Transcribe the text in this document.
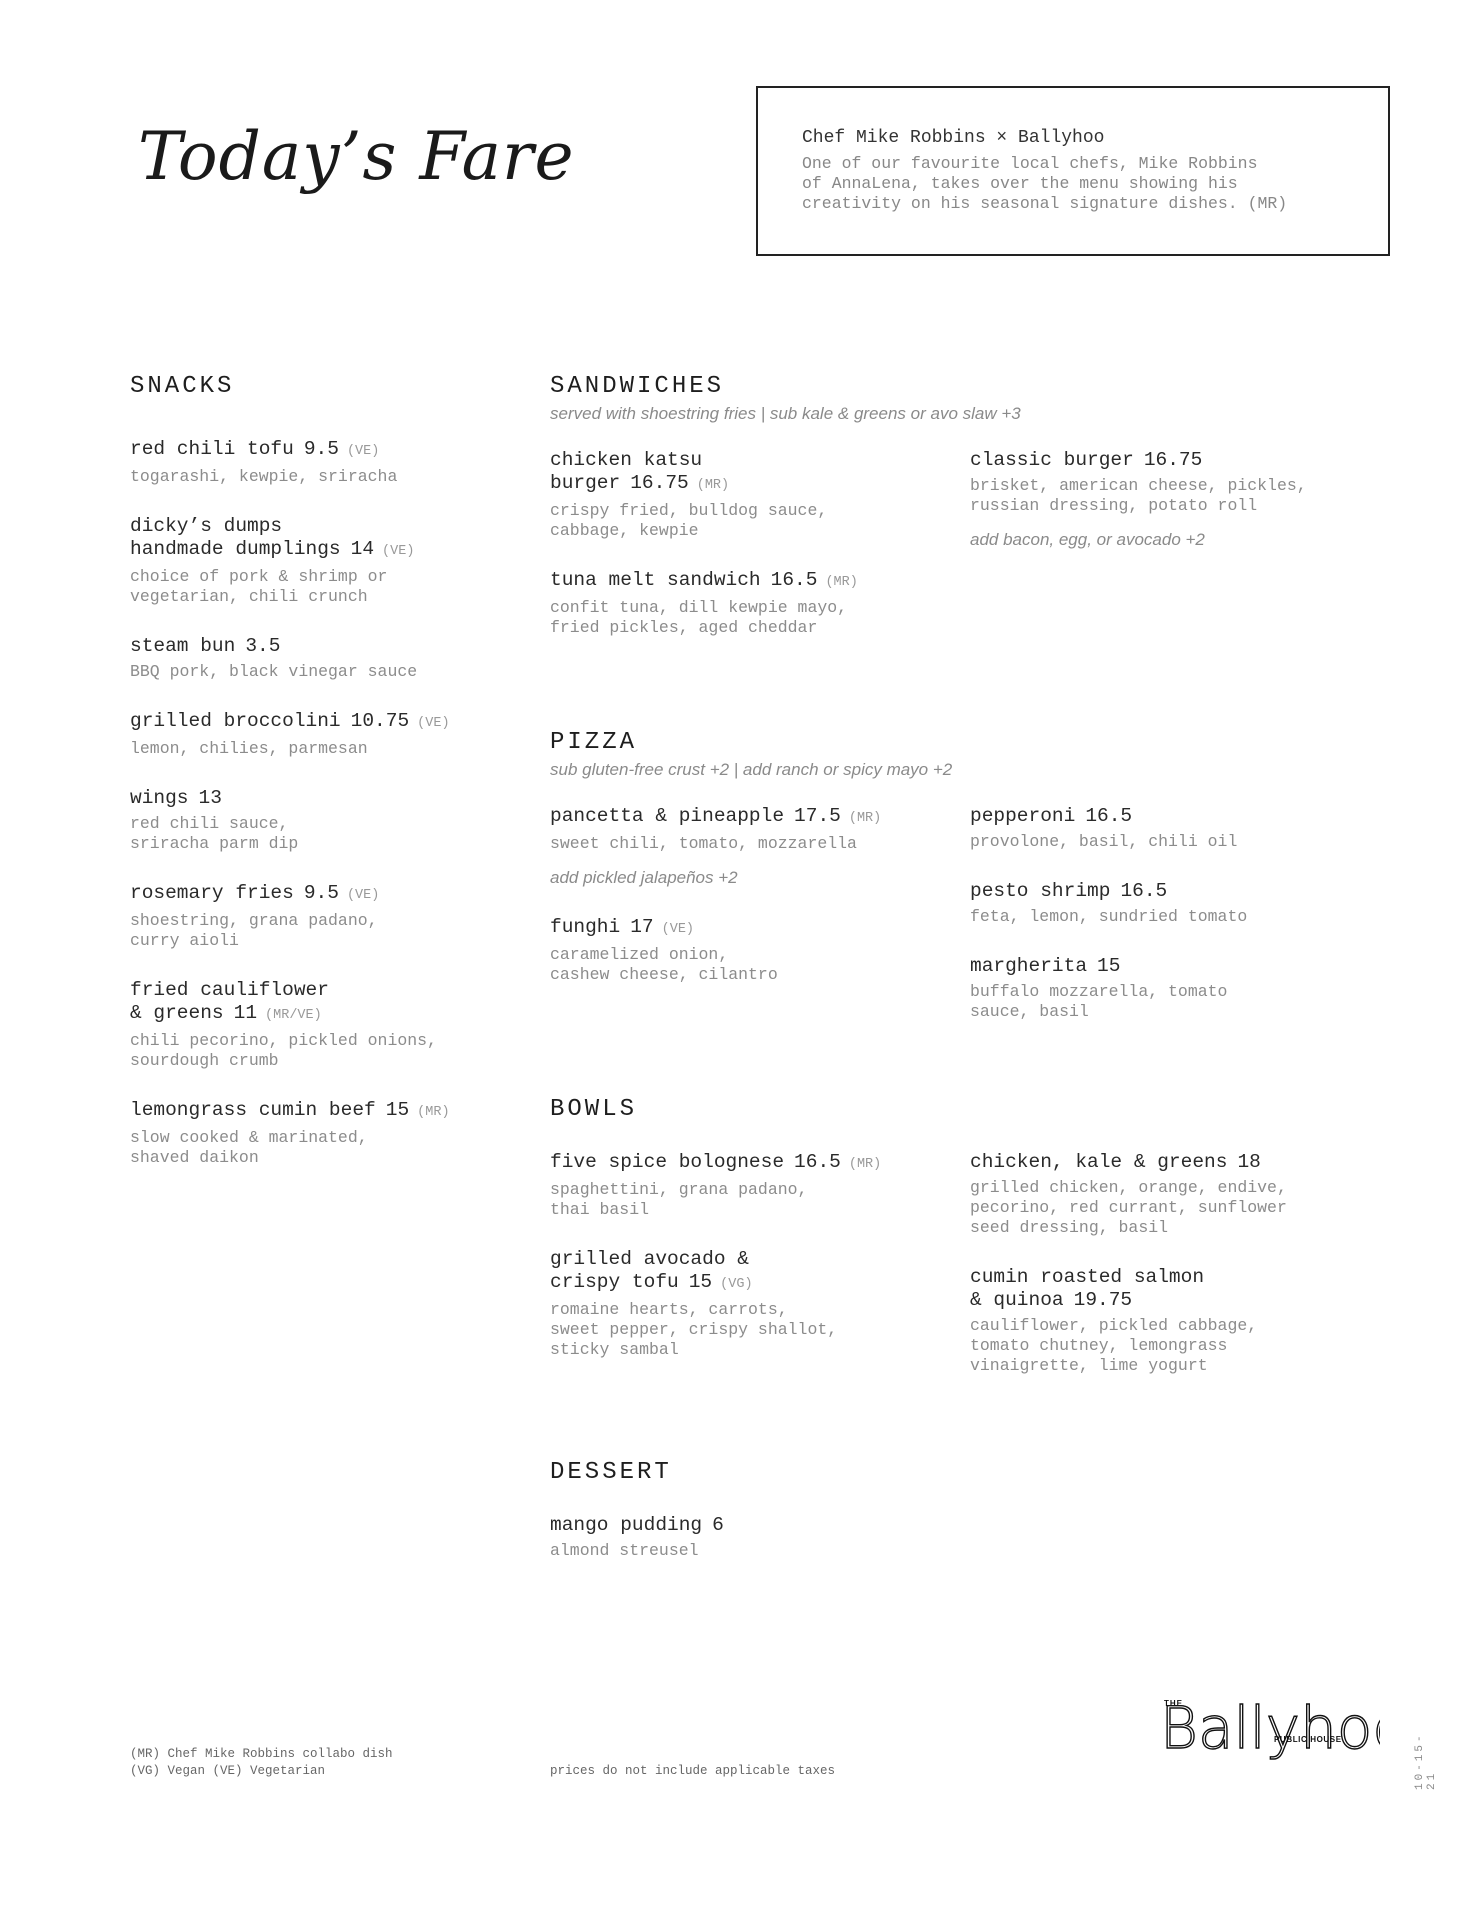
Today’s Fare	Chef Mike Robbins × Ballyhoo
One of our favourite local chefs, Mike Robbins
of AnnaLena, takes over the menu showing his
creativity on his seasonal signature dishes. (MR)
SNACKS
red chili tofu 9.5 (VE)
togarashi, kewpie, sriracha
dicky’s dumps
handmade dumplings 14 (VE)
choice of pork & shrimp or
vegetarian, chili crunch
steam bun 3.5
BBQ pork, black vinegar sauce
grilled broccolini 10.75 (VE)
lemon, chilies, parmesan
wings 13
red chili sauce,
sriracha parm dip
rosemary fries 9.5 (VE)
shoestring, grana padano,
curry aioli
fried cauliflower
& greens 11 (MR/VE)
chili pecorino, pickled onions,
sourdough crumb
lemongrass cumin beef 15 (MR)
slow cooked & marinated,
shaved daikon
SANDWICHES
served with shoestring fries | sub kale & greens or avo slaw +3
chicken katsu
burger 16.75 (MR)
crispy fried, bulldog sauce,
cabbage, kewpie
tuna melt sandwich 16.5 (MR)
confit tuna, dill kewpie mayo,
fried pickles, aged cheddar
classic burger 16.75
brisket, american cheese, pickles,
russian dressing, potato roll
add bacon, egg, or avocado +2
PIZZA
sub gluten-free crust +2 | add ranch or spicy mayo +2
pancetta & pineapple 17.5 (MR)
sweet chili, tomato, mozzarella
add pickled jalapeños +2
funghi 17 (VE)
caramelized onion,
cashew cheese, cilantro
pepperoni 16.5
provolone, basil, chili oil
pesto shrimp 16.5
feta, lemon, sundried tomato
margherita 15
buffalo mozzarella, tomato
sauce, basil
BOWLS
five spice bolognese 16.5 (MR)
spaghettini, grana padano,
thai basil
grilled avocado &
crispy tofu 15 (VG)
romaine hearts, carrots,
sweet pepper, crispy shallot,
sticky sambal
chicken, kale & greens 18
grilled chicken, orange, endive,
pecorino, red currant, sunflower
seed dressing, basil
cumin roasted salmon
& quinoa 19.75
cauliflower, pickled cabbage,
tomato chutney, lemongrass
vinaigrette, lime yogurt
DESSERT
mango pudding 6
almond streusel
(MR) Chef Mike Robbins collabo dish
(VG) Vegan (VE) Vegetarian	prices do not include applicable taxes	10-15-21
THE
Ballyho
PUBLIC HOUSE
